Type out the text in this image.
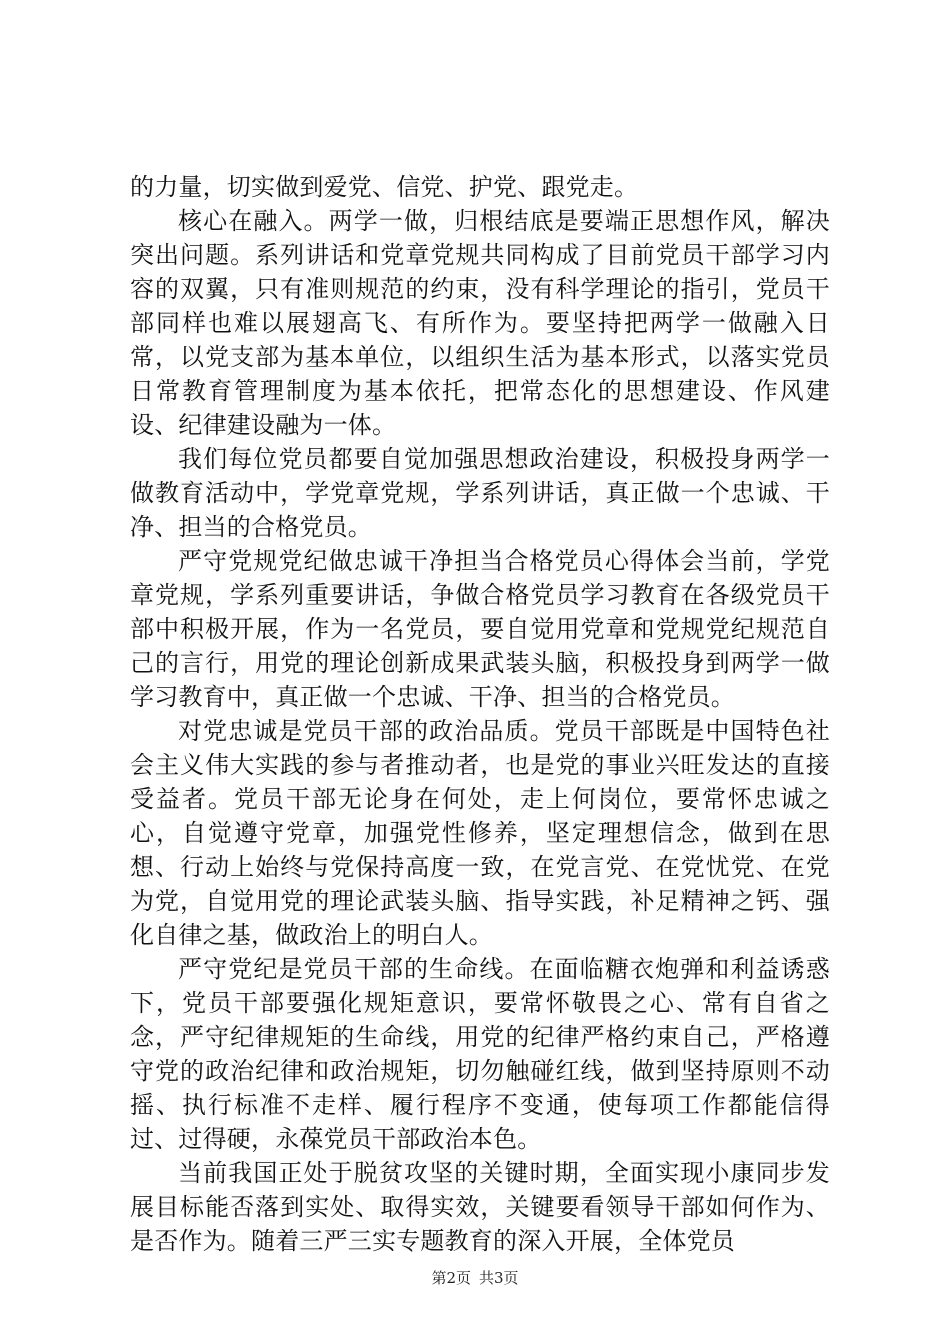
的力量，切实做到爱党、信党、护党、跟党走。

核心在融入。两学一做，归根结底是要端正思想作风，解决突出问题。系列讲话和党章党规共同构成了目前党员干部学习内容的双翼，只有准则规范的约束，没有科学理论的指引，党员干部同样也难以展翅高飞、有所作为。要坚持把两学一做融入日常，以党支部为基本单位，以组织生活为基本形式，以落实党员日常教育管理制度为基本依托，把常态化的思想建设、作风建设、纪律建设融为一体。

我们每位党员都要自觉加强思想政治建设，积极投身两学一做教育活动中，学党章党规，学系列讲话，真正做一个忠诚、干净、担当的合格党员。

严守党规党纪做忠诚干净担当合格党员心得体会当前，学党章党规，学系列重要讲话，争做合格党员学习教育在各级党员干部中积极开展，作为一名党员，要自觉用党章和党规党纪规范自己的言行，用党的理论创新成果武装头脑，积极投身到两学一做学习教育中，真正做一个忠诚、干净、担当的合格党员。

对党忠诚是党员干部的政治品质。党员干部既是中国特色社会主义伟大实践的参与者推动者，也是党的事业兴旺发达的直接受益者。党员干部无论身在何处，走上何岗位，要常怀忠诚之心，自觉遵守党章，加强党性修养，坚定理想信念，做到在思想、行动上始终与党保持高度一致，在党言党、在党忧党、在党为党，自觉用党的理论武装头脑、指导实践，补足精神之钙、强化自律之基，做政治上的明白人。

严守党纪是党员干部的生命线。在面临糖衣炮弹和利益诱惑下，党员干部要强化规矩意识，要常怀敬畏之心、常有自省之念，严守纪律规矩的生命线，用党的纪律严格约束自己，严格遵守党的政治纪律和政治规矩，切勿触碰红线，做到坚持原则不动摇、执行标准不走样、履行程序不变通，使每项工作都能信得过、过得硬，永葆党员干部政治本色。

当前我国正处于脱贫攻坚的关键时期，全面实现小康同步发展目标能否落到实处、取得实效，关键要看领导干部如何作为、是否作为。随着三严三实专题教育的深入开展，全体党员

第2页 共3页
